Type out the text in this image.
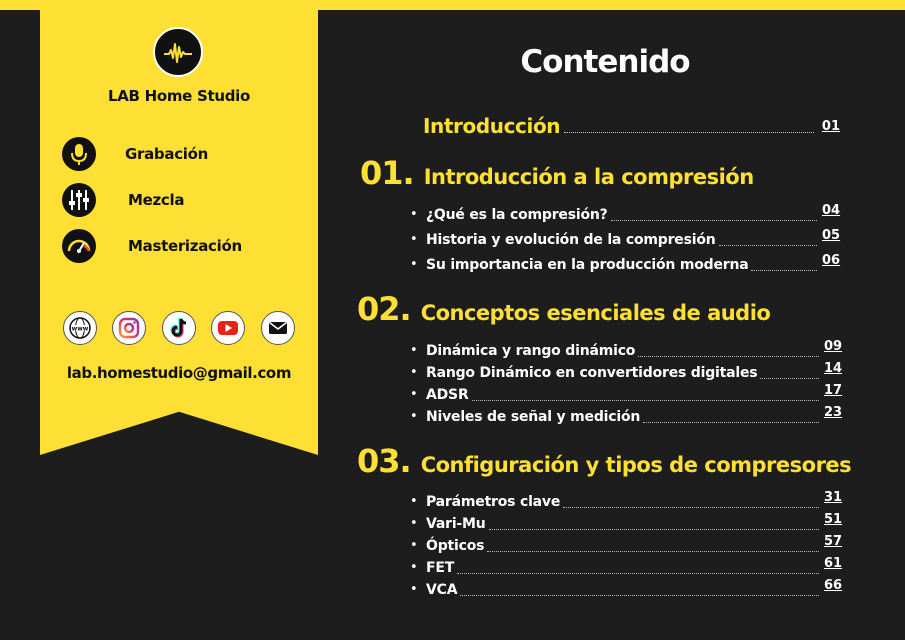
LAB Home Studio
Grabación
Mezcla
Masterización
www
lab.homestudio@gmail.com
Contenido
Introducción	01
01. Introducción a la compresión
• ¿Qué es la compresión?	04
• Historia y evolución de la compresión	05
• Su importancia en la producción moderna	06
02. Conceptos esenciales de audio
• Dinámica y rango dinámico	09
• Rango Dinámico en convertidores digitales	14
• ADSR	17
• Niveles de señal y medición	23
03. Configuración y tipos de compresores
• Parámetros clave	31
• Vari-Mu	51
• Ópticos	57
• FET	61
• VCA	66
